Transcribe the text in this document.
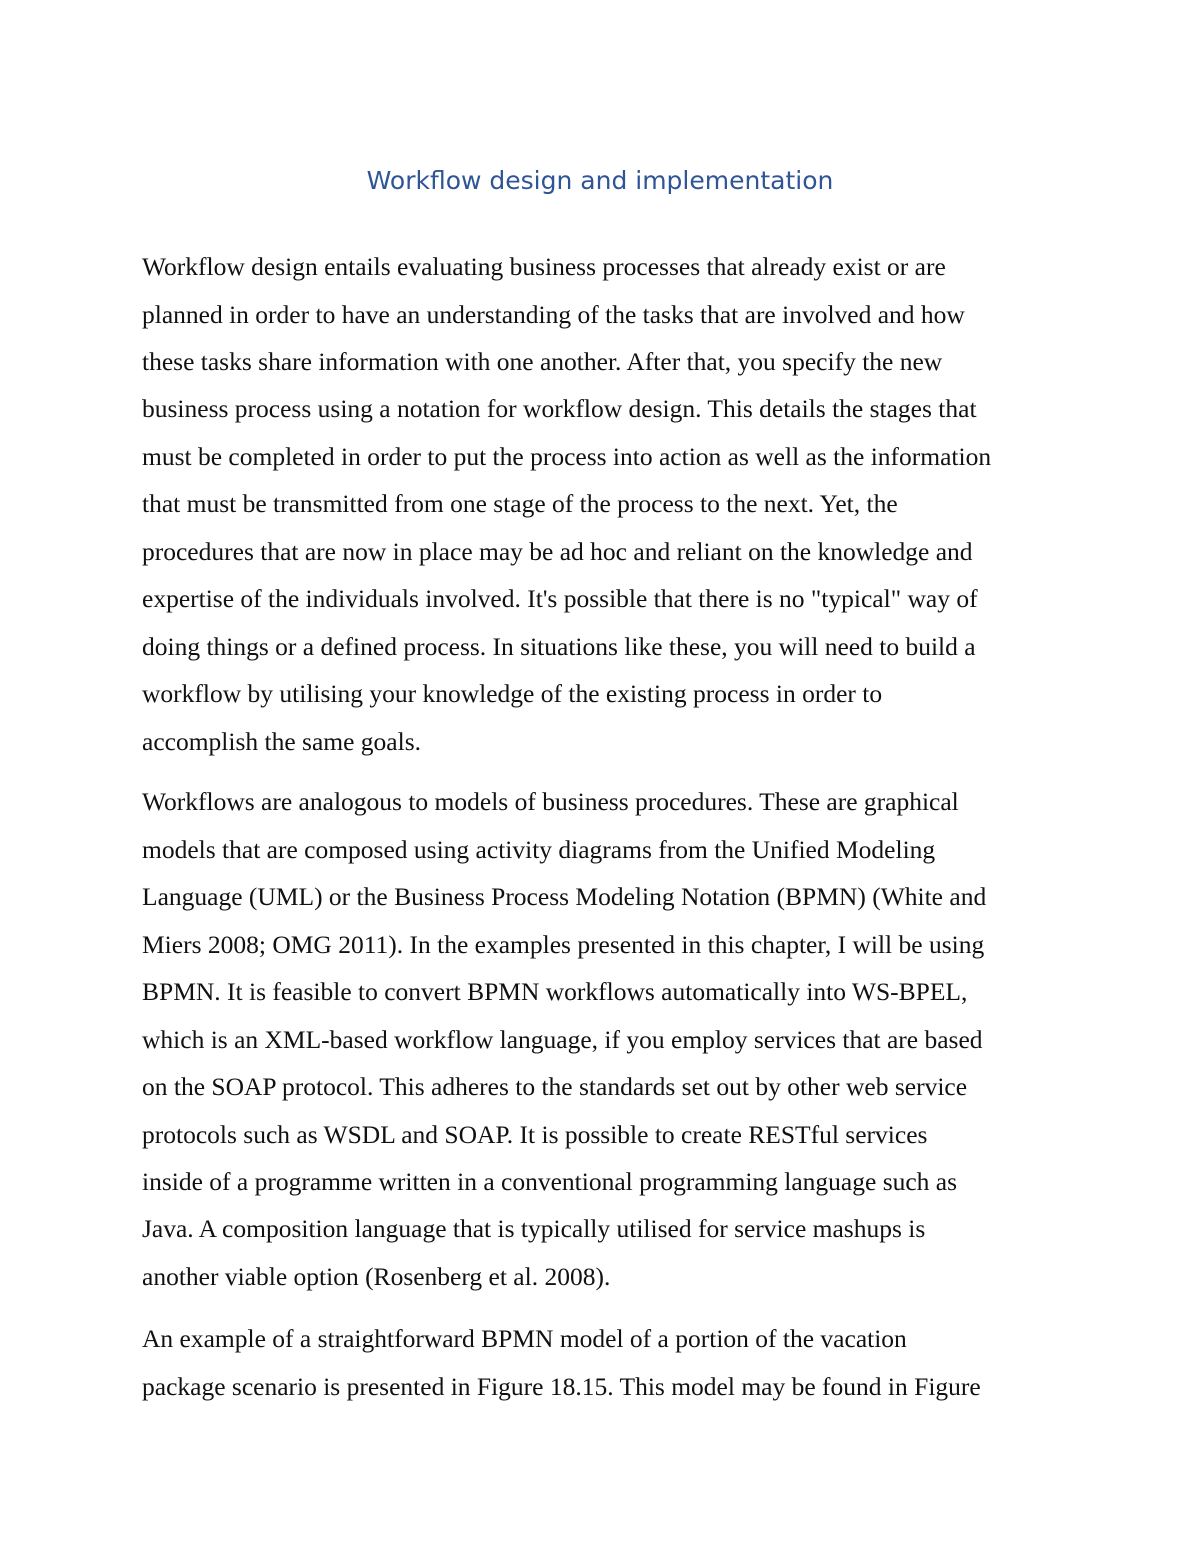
Workflow design and implementation
Workflow design entails evaluating business processes that already exist or are
planned in order to have an understanding of the tasks that are involved and how
these tasks share information with one another. After that, you specify the new
business process using a notation for workflow design. This details the stages that
must be completed in order to put the process into action as well as the information
that must be transmitted from one stage of the process to the next. Yet, the
procedures that are now in place may be ad hoc and reliant on the knowledge and
expertise of the individuals involved. It's possible that there is no "typical" way of
doing things or a defined process. In situations like these, you will need to build a
workflow by utilising your knowledge of the existing process in order to
accomplish the same goals.
Workflows are analogous to models of business procedures. These are graphical
models that are composed using activity diagrams from the Unified Modeling
Language (UML) or the Business Process Modeling Notation (BPMN) (White and
Miers 2008; OMG 2011). In the examples presented in this chapter, I will be using
BPMN. It is feasible to convert BPMN workflows automatically into WS-BPEL,
which is an XML-based workflow language, if you employ services that are based
on the SOAP protocol. This adheres to the standards set out by other web service
protocols such as WSDL and SOAP. It is possible to create RESTful services
inside of a programme written in a conventional programming language such as
Java. A composition language that is typically utilised for service mashups is
another viable option (Rosenberg et al. 2008).
An example of a straightforward BPMN model of a portion of the vacation
package scenario is presented in Figure 18.15. This model may be found in Figure
